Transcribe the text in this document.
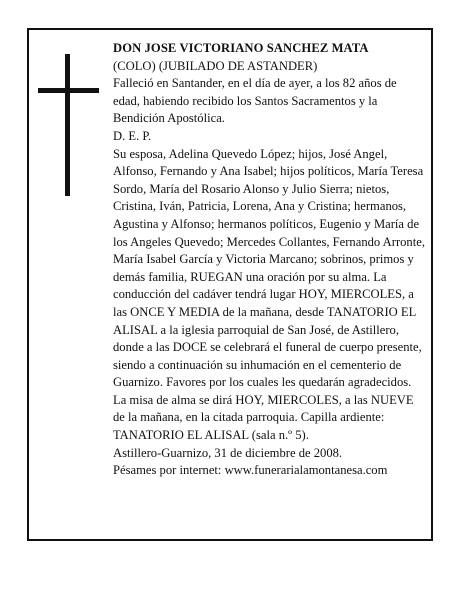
DON JOSE VICTORIANO SANCHEZ MATA

(COLO) (JUBILADO DE ASTANDER)

Falleció en Santander, en el día de ayer, a los 82 años de edad, habiendo recibido los Santos Sacramentos y la Bendición Apostólica.

D. E. P.

Su esposa, Adelina Quevedo López; hijos, José Angel, Alfonso, Fernando y Ana Isabel; hijos políticos, María Teresa Sordo, María del Rosario Alonso y Julio Sierra; nietos, Cristina, Iván, Patricia, Lorena, Ana y Cristina; hermanos, Agustina y Alfonso; hermanos políticos, Eugenio y María de los Angeles Quevedo; Mercedes Collantes, Fernando Arronte, María Isabel García y Victoria Marcano; sobrinos, primos y demás familia, RUEGAN una oración por su alma. La conducción del cadáver tendrá lugar HOY, MIERCOLES, a las ONCE Y MEDIA de la mañana, desde TANATORIO EL ALISAL a la iglesia parroquial de San José, de Astillero, donde a las DOCE se celebrará el funeral de cuerpo presente, siendo a continuación su inhumación en el cementerio de Guarnizo. Favores por los cuales les quedarán agradecidos. La misa de alma se dirá HOY, MIERCOLES, a las NUEVE de la mañana, en la citada parroquia. Capilla ardiente: TANATORIO EL ALISAL (sala n.º 5).

Astillero-Guarnizo, 31 de diciembre de 2008.

Pésames por internet: www.funerarialamontanesa.com
